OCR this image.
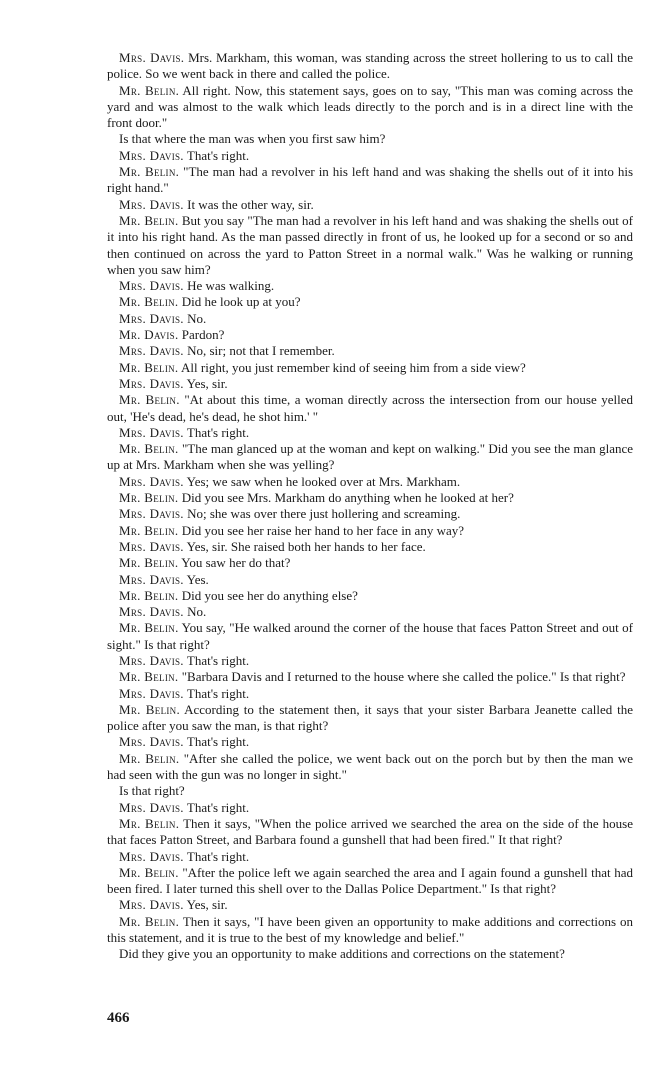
Mrs. Davis. Mrs. Markham, this woman, was standing across the street hollering to us to call the police. So we went back in there and called the police.

Mr. Belin. All right. Now, this statement says, goes on to say, "This man was coming across the yard and was almost to the walk which leads directly to the porch and is in a direct line with the front door."

Is that where the man was when you first saw him?

Mrs. Davis. That's right.

Mr. Belin. "The man had a revolver in his left hand and was shaking the shells out of it into his right hand."

Mrs. Davis. It was the other way, sir.

Mr. Belin. But you say "The man had a revolver in his left hand and was shaking the shells out of it into his right hand. As the man passed directly in front of us, he looked up for a second or so and then continued on across the yard to Patton Street in a normal walk." Was he walking or running when you saw him?

Mrs. Davis. He was walking.

Mr. Belin. Did he look up at you?

Mrs. Davis. No.

Mr. Davis. Pardon?

Mrs. Davis. No, sir; not that I remember.

Mr. Belin. All right, you just remember kind of seeing him from a side view?

Mrs. Davis. Yes, sir.

Mr. Belin. "At about this time, a woman directly across the intersection from our house yelled out, 'He's dead, he's dead, he shot him.' "

Mrs. Davis. That's right.

Mr. Belin. "The man glanced up at the woman and kept on walking." Did you see the man glance up at Mrs. Markham when she was yelling?

Mrs. Davis. Yes; we saw when he looked over at Mrs. Markham.

Mr. Belin. Did you see Mrs. Markham do anything when he looked at her?

Mrs. Davis. No; she was over there just hollering and screaming.

Mr. Belin. Did you see her raise her hand to her face in any way?

Mrs. Davis. Yes, sir. She raised both her hands to her face.

Mr. Belin. You saw her do that?

Mrs. Davis. Yes.

Mr. Belin. Did you see her do anything else?

Mrs. Davis. No.

Mr. Belin. You say, "He walked around the corner of the house that faces Patton Street and out of sight." Is that right?

Mrs. Davis. That's right.

Mr. Belin. "Barbara Davis and I returned to the house where she called the police." Is that right?

Mrs. Davis. That's right.

Mr. Belin. According to the statement then, it says that your sister Barbara Jeanette called the police after you saw the man, is that right?

Mrs. Davis. That's right.

Mr. Belin. "After she called the police, we went back out on the porch but by then the man we had seen with the gun was no longer in sight."

Is that right?

Mrs. Davis. That's right.

Mr. Belin. Then it says, "When the police arrived we searched the area on the side of the house that faces Patton Street, and Barbara found a gunshell that had been fired." It that right?

Mrs. Davis. That's right.

Mr. Belin. "After the police left we again searched the area and I again found a gunshell that had been fired. I later turned this shell over to the Dallas Police Department." Is that right?

Mrs. Davis. Yes, sir.

Mr. Belin. Then it says, "I have been given an opportunity to make additions and corrections on this statement, and it is true to the best of my knowledge and belief."

Did they give you an opportunity to make additions and corrections on the statement?

466
